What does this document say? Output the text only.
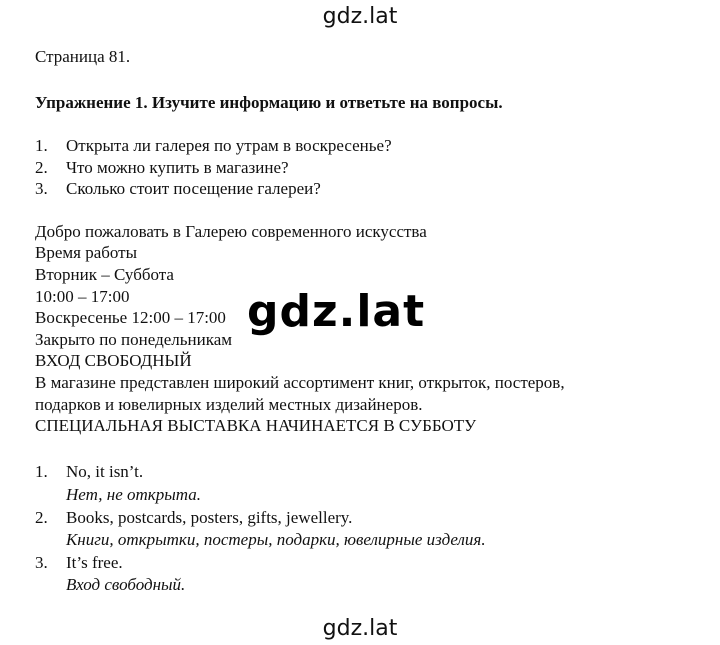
gdz.lat
Страница 81.
Упражнение 1. Изучите информацию и ответьте на вопросы.
1. Открыта ли галерея по утрам в воскресенье?
2. Что можно купить в магазине?
3. Сколько стоит посещение галереи?
Добро пожаловать в Галерею современного искусства
Время работы
Вторник – Суббота
10:00 – 17:00
Воскресенье 12:00 – 17:00
Закрыто по понедельникам
ВХОД СВОБОДНЫЙ
В магазине представлен широкий ассортимент книг, открыток, постеров,
подарков и ювелирных изделий местных дизайнеров.
СПЕЦИАЛЬНАЯ ВЫСТАВКА НАЧИНАЕТСЯ В СУББОТУ
1. No, it isn’t.
Нет, не открыта.
2. Books, postcards, posters, gifts, jewellery.
Книги, открытки, постеры, подарки, ювелирные изделия.
3. It’s free.
Вход свободный.
gdz.lat
gdz.lat
